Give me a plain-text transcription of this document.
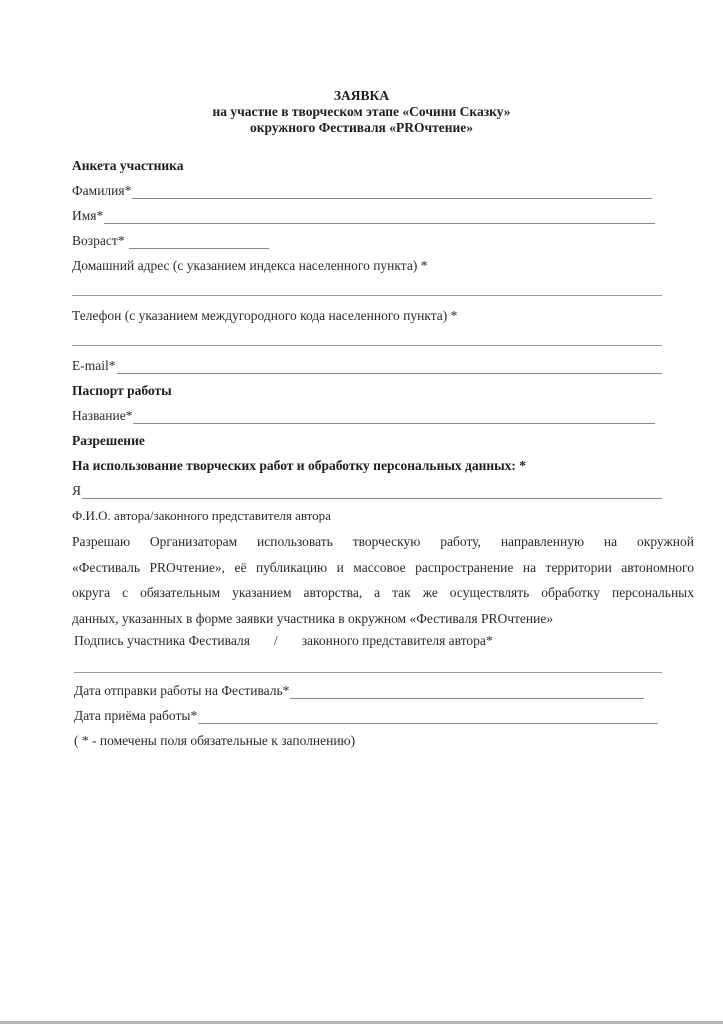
ЗАЯВКА
на участие в творческом этапе «Сочини Сказку»
окружного Фестиваля «PROчтение»
Анкета участника
Фамилия*
Имя*
Возраст*
Домашний адрес (с указанием индекса населенного пункта) *
Телефон (с указанием междугородного кода населенного пункта) *
E-mail*
Паспорт работы
Название*
Разрешение
На использование творческих работ и обработку персональных данных: *
Я
Ф.И.О. автора/законного представителя автора
Разрешаю Организаторам использовать творческую работу, направленную на окружной
«Фестиваль PROчтение», её публикацию и массовое распространение на территории автономного
округа с обязательным указанием авторства, а так же осуществлять обработку персональных
данных, указанных в форме заявки участника в окружном «Фестиваля PROчтение»
Подпись участника Фестиваля / законного представителя автора*
Дата отправки работы на Фестиваль*
Дата приёма работы*
( * - помечены поля обязательные к заполнению)
